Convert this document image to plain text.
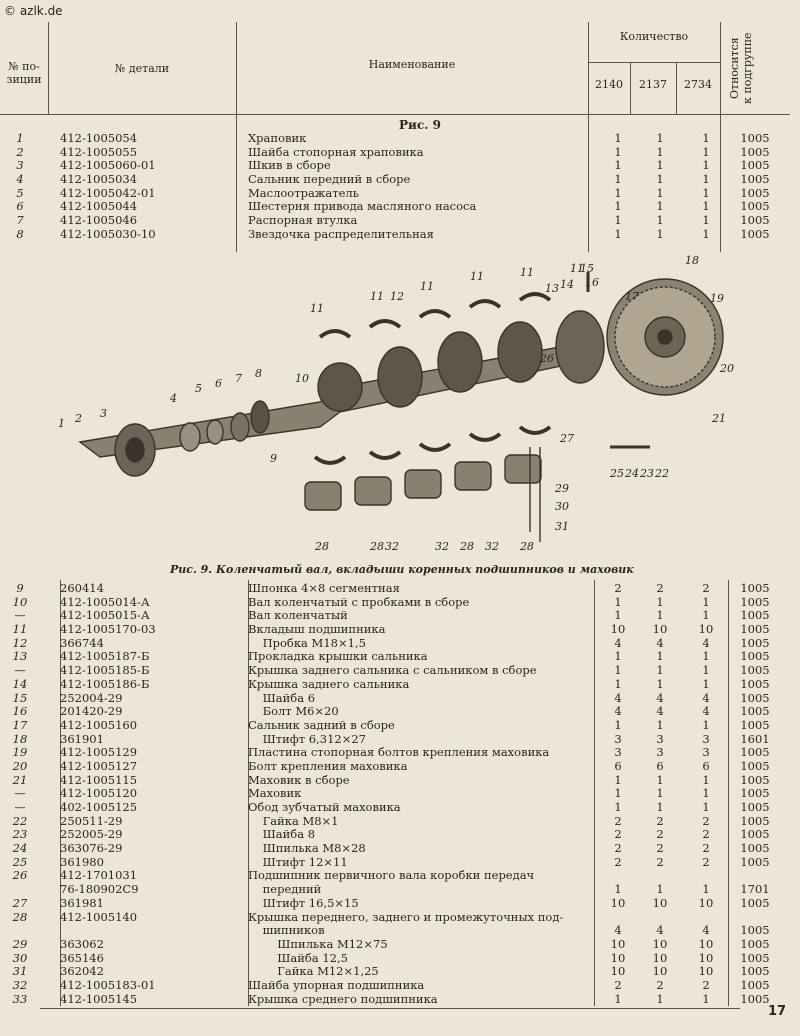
© azlk.de
№ по-
зиции
№ детали	Наименование
Количество
2140	2137	2734	Относится
к подгруппе
Рис. 9
1	412-1005054	Храповик	1	1	1	1005
2	412-1005055	Шайба стопорная храповика	1	1	1	1005
3	412-1005060-01	Шкив в сборе	1	1	1	1005
4	412-1005034	Сальник передний в сборе	1	1	1	1005
5	412-1005042-01	Маслоотражатель	1	1	1	1005
6	412-1005044	Шестерня привода масляного насоса	1	1	1	1005
7	412-1005046	Распорная втулка	1	1	1	1005
8	412-1005030-10	Звездочка распределительная	1	1	1	1005
1 2 3
4
5 6 7 8
9
10
11
11
11
11	11	11
12
13 14
15
16
17
18
19
20
21
22
23
24
25
26
27
28	28	28	28
29
30
31
32	32	32
Рис. 9. Коленчатый вал, вкладыши коренных подшипников и маховик
9	260414	Шпонка 4×8 сегментная	2	2	2	1005
10	412-1005014-А	Вал коленчатый с пробками в сборе	1	1	1	1005
—	412-1005015-А	Вал коленчатый	1	1	1	1005
11	412-1005170-03	Вкладыш подшипника	10	10	10	1005
12	366744	Пробка М18×1,5	4	4	4	1005
13	412-1005187-Б	Прокладка крышки сальника	1	1	1	1005
—	412-1005185-Б	Крышка заднего сальника с сальником в сборе	1	1	1	1005
14	412-1005186-Б	Крышка заднего сальника	1	1	1	1005
15	252004-29	Шайба 6	4	4	4	1005
16	201420-29	Болт М6×20	4	4	4	1005
17	412-1005160	Сальник задний в сборе	1	1	1	1005
18	361901	Штифт 6,312×27	3	3	3	1601
19	412-1005129	Пластина стопорная болтов крепления маховика	3	3	3	1005
20	412-1005127	Болт крепления маховика	6	6	6	1005
21	412-1005115	Маховик в сборе	1	1	1	1005
—	412-1005120	Маховик	1	1	1	1005
—	402-1005125	Обод зубчатый маховика	1	1	1	1005
22	250511-29	Гайка М8×1	2	2	2	1005
23	252005-29	Шайба 8	2	2	2	1005
24	363076-29	Шпилька М8×28	2	2	2	1005
25	361980	Штифт 12×11	2	2	2	1005
26	412-1701031	Подшипник первичного вала коробки передач
76-180902С9	передний	1	1	1	1701
27	361981	Штифт 16,5×15	10	10	10	1005
28	412-1005140	Крышка переднего, заднего и промежуточных под-
шипников	4	4	4	1005
29	363062	Шпилька М12×75	10	10	10	1005
30	365146	Шайба 12,5	10	10	10	1005
31	362042	Гайка М12×1,25	10	10	10	1005
32	412-1005183-01	Шайба упорная подшипника	2	2	2	1005
33	412-1005145	Крышка среднего подшипника	1	1	1	1005
17
